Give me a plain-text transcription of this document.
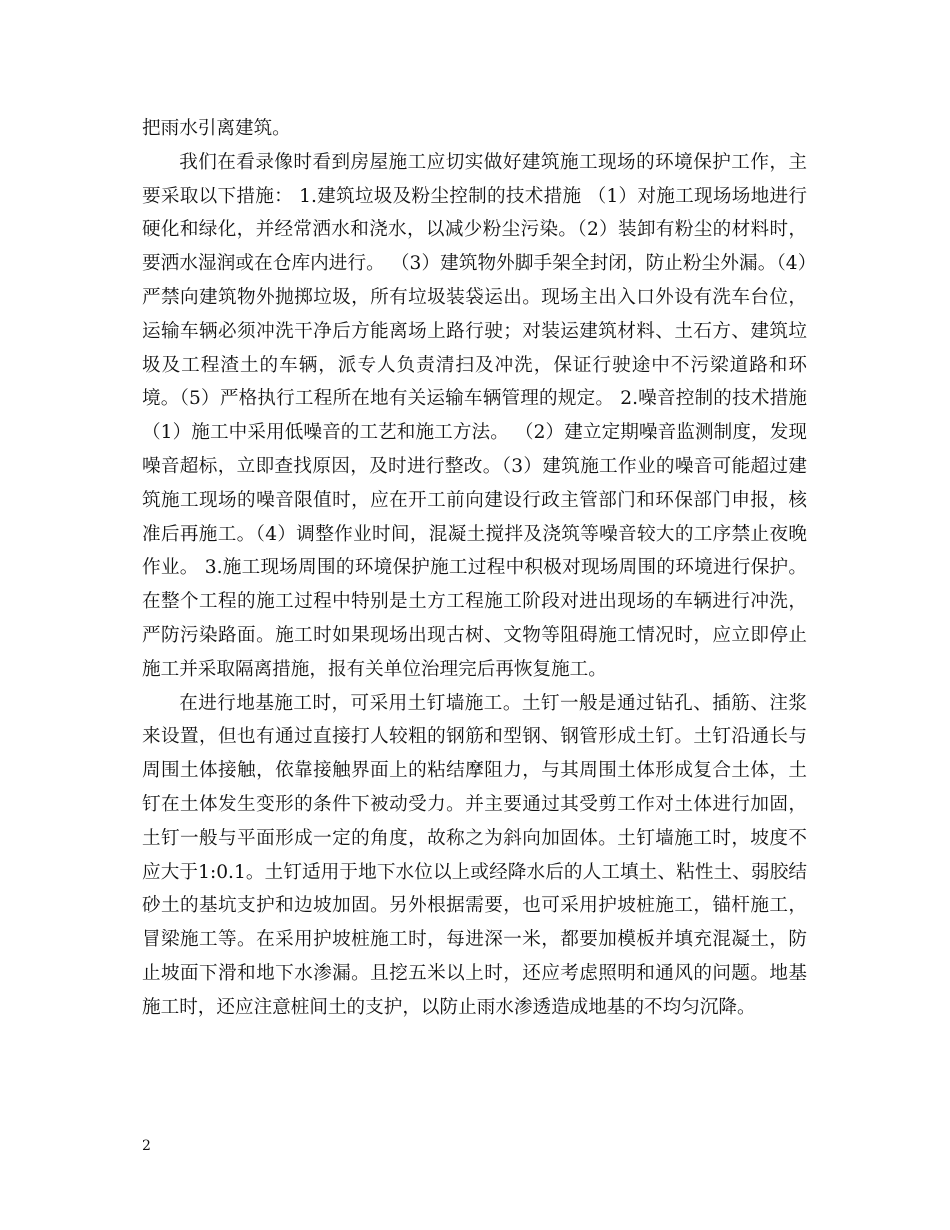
把雨水引离建筑。

我们在看录像时看到房屋施工应切实做好建筑施工现场的环境保护工作，主要采取以下措施： 1.建筑垃圾及粉尘控制的技术措施 （1）对施工现场场地进行硬化和绿化，并经常洒水和浇水，以减少粉尘污染。（2）装卸有粉尘的材料时，要洒水湿润或在仓库内进行。 （3）建筑物外脚手架全封闭，防止粉尘外漏。（4）严禁向建筑物外抛掷垃圾，所有垃圾装袋运出。现场主出入口外设有洗车台位，运输车辆必须冲洗干净后方能离场上路行驶；对装运建筑材料、土石方、建筑垃圾及工程渣土的车辆，派专人负责清扫及冲洗，保证行驶途中不污梁道路和环境。（5）严格执行工程所在地有关运输车辆管理的规定。 2.噪音控制的技术措施（1）施工中采用低噪音的工艺和施工方法。 （2）建立定期噪音监测制度，发现噪音超标，立即查找原因，及时进行整改。（3）建筑施工作业的噪音可能超过建筑施工现场的噪音限值时，应在开工前向建设行政主管部门和环保部门申报，核准后再施工。（4）调整作业时间，混凝土搅拌及浇筑等噪音较大的工序禁止夜晚作业。 3.施工现场周围的环境保护施工过程中积极对现场周围的环境进行保护。在整个工程的施工过程中特别是土方工程施工阶段对进出现场的车辆进行冲洗，严防污染路面。施工时如果现场出现古树、文物等阻碍施工情况时，应立即停止施工并采取隔离措施，报有关单位治理完后再恢复施工。

在进行地基施工时，可采用土钉墙施工。土钉一般是通过钻孔、插筋、注浆来设置，但也有通过直接打人较粗的钢筋和型钢、钢管形成土钉。土钉沿通长与周围土体接触，依靠接触界面上的粘结摩阻力，与其周围土体形成复合土体，土钉在土体发生变形的条件下被动受力。并主要通过其受剪工作对土体进行加固，土钉一般与平面形成一定的角度，故称之为斜向加固体。土钉墙施工时，坡度不应大于1:0.1。土钉适用于地下水位以上或经降水后的人工填土、粘性土、弱胶结砂土的基坑支护和边坡加固。另外根据需要，也可采用护坡桩施工，锚杆施工，冒梁施工等。在采用护坡桩施工时，每进深一米，都要加模板并填充混凝土，防止坡面下滑和地下水渗漏。且挖五米以上时，还应考虑照明和通风的问题。地基施工时，还应注意桩间土的支护，以防止雨水渗透造成地基的不均匀沉降。

2
